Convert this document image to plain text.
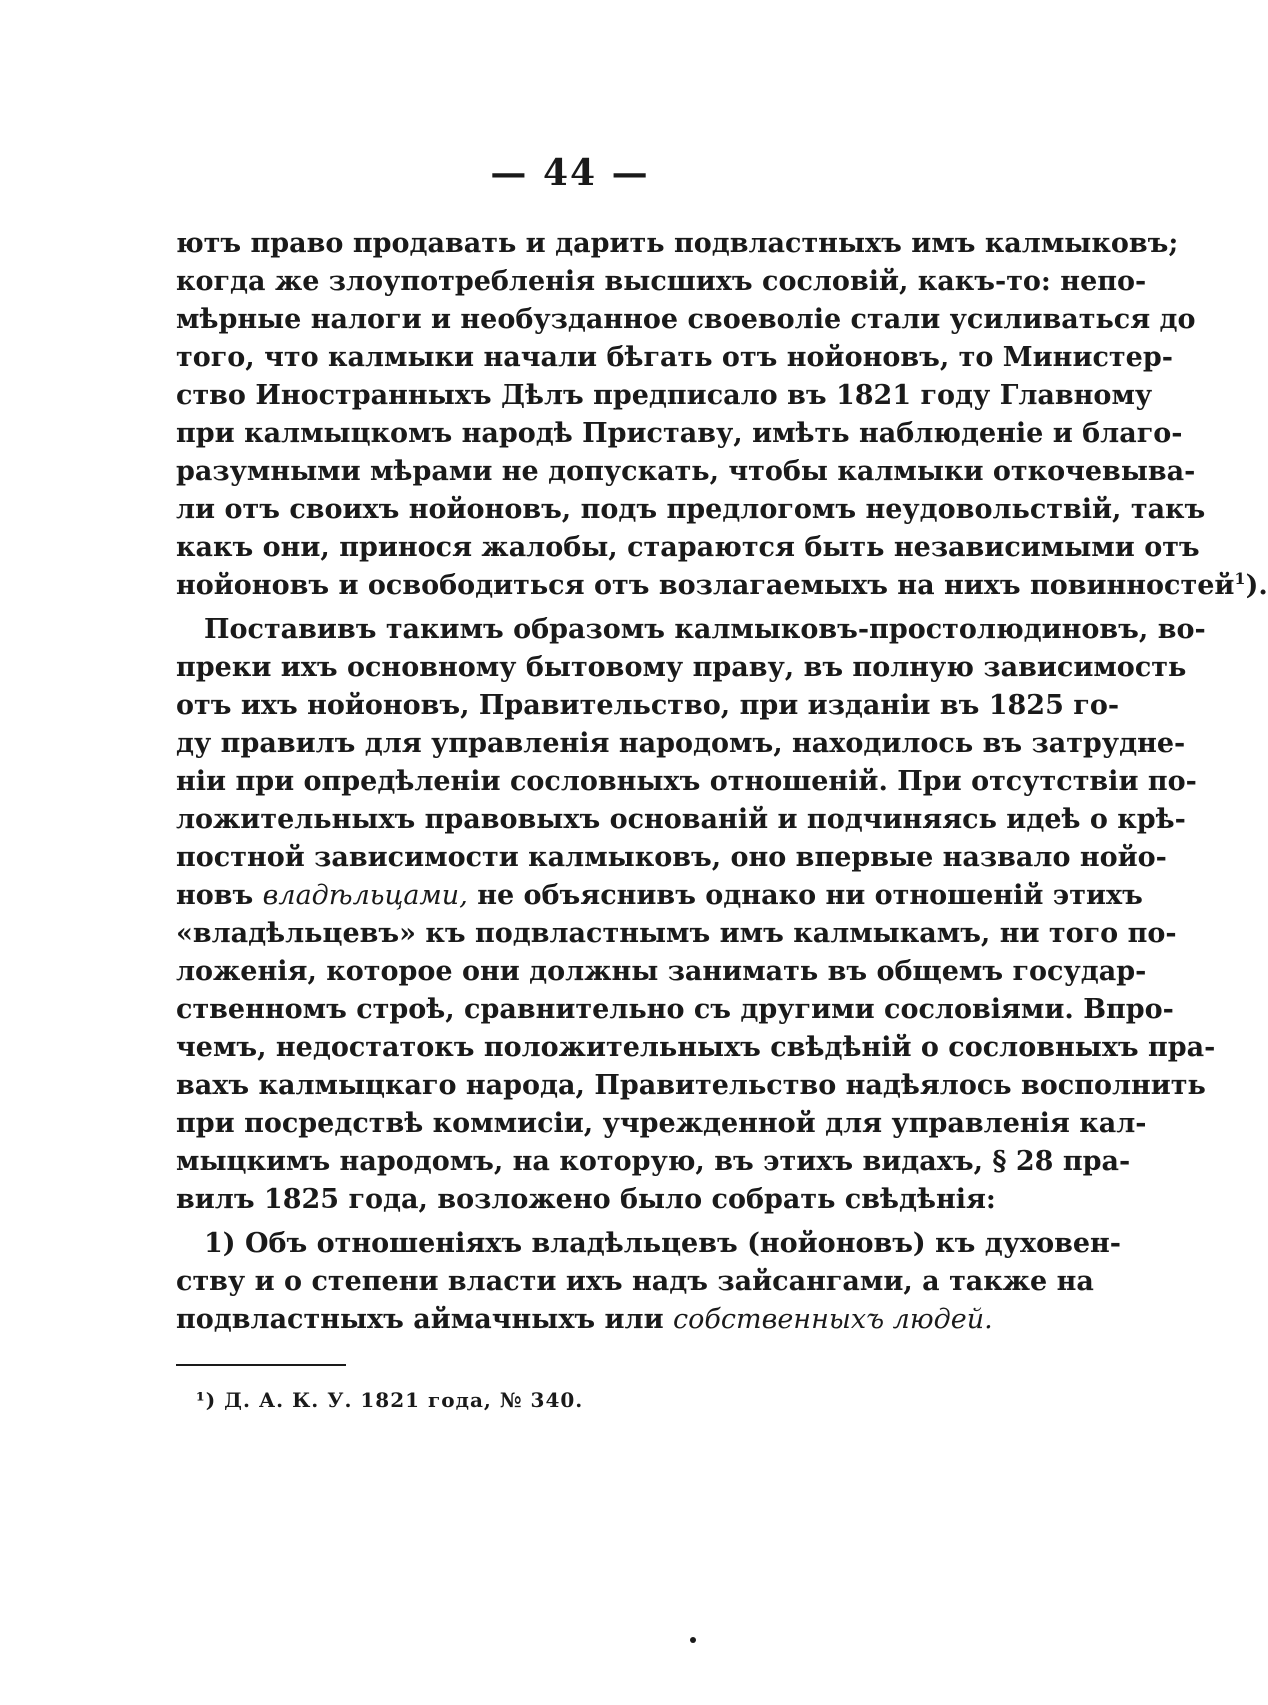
— 44 —
ютъ право продавать и дарить подвластныхъ имъ калмыковъ;
когда же злоупотребленія высшихъ сословій, какъ-то: непо-
мѣрные налоги и необузданное своеволіе стали усиливаться до
того, что калмыки начали бѣгать отъ нойоновъ, то Министер-
ство Иностранныхъ Дѣлъ предписало въ 1821 году Главному
при калмыцкомъ народѣ Приставу, имѣть наблюденіе и благо-
разумными мѣрами не допускать, чтобы калмыки откочевыва-
ли отъ своихъ нойоновъ, подъ предлогомъ неудовольствій, такъ
какъ они, принося жалобы, стараются быть независимыми отъ
нойоновъ и освободиться отъ возлагаемыхъ на нихъ повинностей$^1$).
Поставивъ такимъ образомъ калмыковъ-простолюдиновъ, во-
преки ихъ основному бытовому праву, въ полную зависимость
отъ ихъ нойоновъ, Правительство, при изданіи въ 1825 го-
ду правилъ для управленія народомъ, находилось въ затрудне-
ніи при опредѣленіи сословныхъ отношеній. При отсутствіи по-
ложительныхъ правовыхъ основаній и подчиняясь идеѣ о крѣ-
постной зависимости калмыковъ, оно впервые назвало нойо-
новъ владѣльцами, не объяснивъ однако ни отношеній этихъ
«владѣльцевъ» къ подвластнымъ имъ калмыкамъ, ни того по-
ложенія, которое они должны занимать въ общемъ государ-
ственномъ строѣ, сравнительно съ другими сословіями. Впро-
чемъ, недостатокъ положительныхъ свѣдѣній о сословныхъ пра-
вахъ калмыцкаго народа, Правительство надѣялось восполнить
при посредствѣ коммисіи, учрежденной для управленія кал-
мыцкимъ народомъ, на которую, въ этихъ видахъ, § 28 пра-
вилъ 1825 года, возложено было собрать свѣдѣнія:
1) Объ отношеніяхъ владѣльцевъ (нойоновъ) къ духовен-
ству и о степени власти ихъ надъ зайсангами, а также на
подвластныхъ аймачныхъ или собственныхъ людей.
¹) Д. А. К. У. 1821 года, № 340.
